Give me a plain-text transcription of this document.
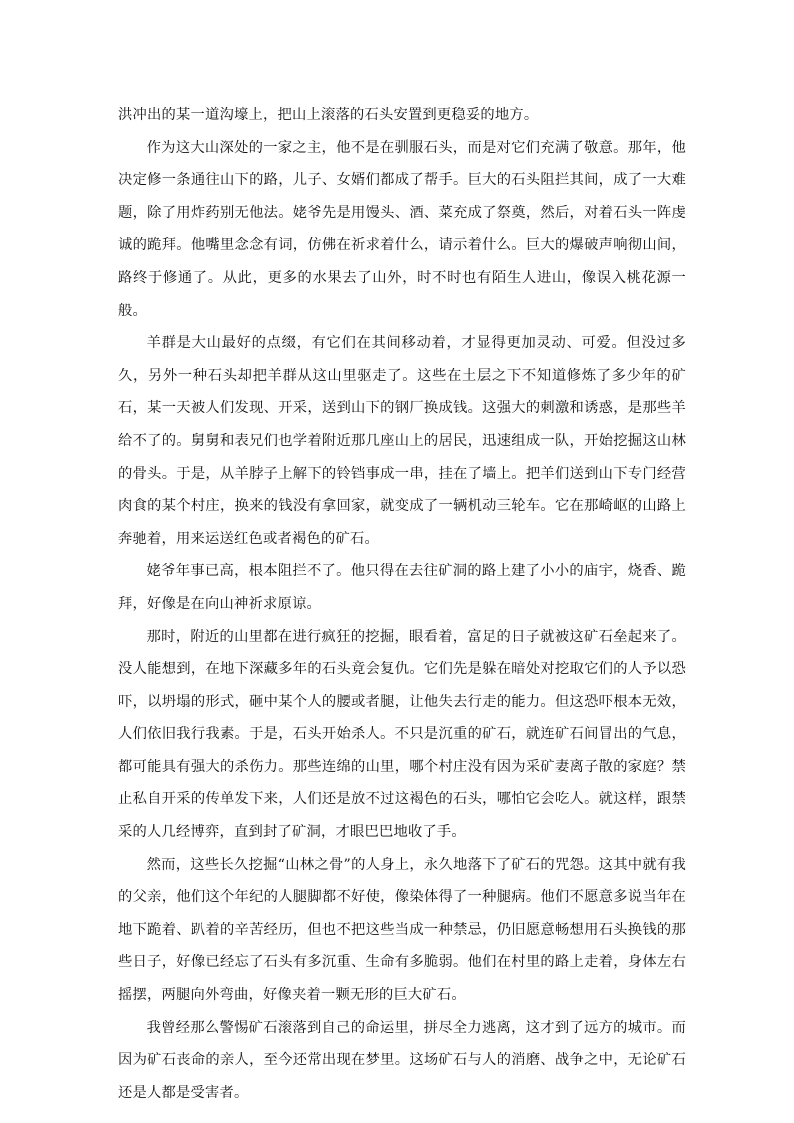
洪冲出的某一道沟壕上，把山上滚落的石头安置到更稳妥的地方。

作为这大山深处的一家之主，他不是在驯服石头，而是对它们充满了敬意。那年，他决定修一条通往山下的路，儿子、女婿们都成了帮手。巨大的石头阻拦其间，成了一大难题，除了用炸药别无他法。姥爷先是用馒头、酒、菜充成了祭奠，然后，对着石头一阵虔诚的跪拜。他嘴里念念有词，仿佛在祈求着什么，请示着什么。巨大的爆破声响彻山间，路终于修通了。从此，更多的水果去了山外，时不时也有陌生人进山，像误入桃花源一般。

羊群是大山最好的点缀，有它们在其间移动着，才显得更加灵动、可爱。但没过多久，另外一种石头却把羊群从这山里驱走了。这些在土层之下不知道修炼了多少年的矿石，某一天被人们发现、开采，送到山下的钢厂换成钱。这强大的刺激和诱惑，是那些羊给不了的。舅舅和表兄们也学着附近那几座山上的居民，迅速组成一队，开始挖掘这山林的骨头。于是，从羊脖子上解下的铃铛事成一串，挂在了墙上。把羊们送到山下专门经营肉食的某个村庄，换来的钱没有拿回家，就变成了一辆机动三轮车。它在那崎岖的山路上奔驰着，用来运送红色或者褐色的矿石。

姥爷年事已高，根本阻拦不了。他只得在去往矿洞的路上建了小小的庙宇，烧香、跪拜，好像是在向山神祈求原谅。

那时，附近的山里都在进行疯狂的挖掘，眼看着，富足的日子就被这矿石垒起来了。没人能想到，在地下深藏多年的石头竟会复仇。它们先是躲在暗处对挖取它们的人予以恐吓，以坍塌的形式，砸中某个人的腰或者腿，让他失去行走的能力。但这恐吓根本无效，人们依旧我行我素。于是，石头开始杀人。不只是沉重的矿石，就连矿石间冒出的气息，都可能具有强大的杀伤力。那些连绵的山里，哪个村庄没有因为采矿妻离子散的家庭？禁止私自开采的传单发下来，人们还是放不过这褐色的石头，哪怕它会吃人。就这样，跟禁采的人几经博弈，直到封了矿洞，才眼巴巴地收了手。

然而，这些长久挖掘“山林之骨”的人身上，永久地落下了矿石的咒怨。这其中就有我的父亲，他们这个年纪的人腿脚都不好使，像染体得了一种腿病。他们不愿意多说当年在地下跪着、趴着的辛苦经历，但也不把这些当成一种禁忌，仍旧愿意畅想用石头换钱的那些日子，好像已经忘了石头有多沉重、生命有多脆弱。他们在村里的路上走着，身体左右摇摆，两腿向外弯曲，好像夹着一颗无形的巨大矿石。

我曾经那么警惕矿石滚落到自己的命运里，拼尽全力逃离，这才到了远方的城市。而因为矿石丧命的亲人，至今还常出现在梦里。这场矿石与人的消磨、战争之中，无论矿石还是人都是受害者。
